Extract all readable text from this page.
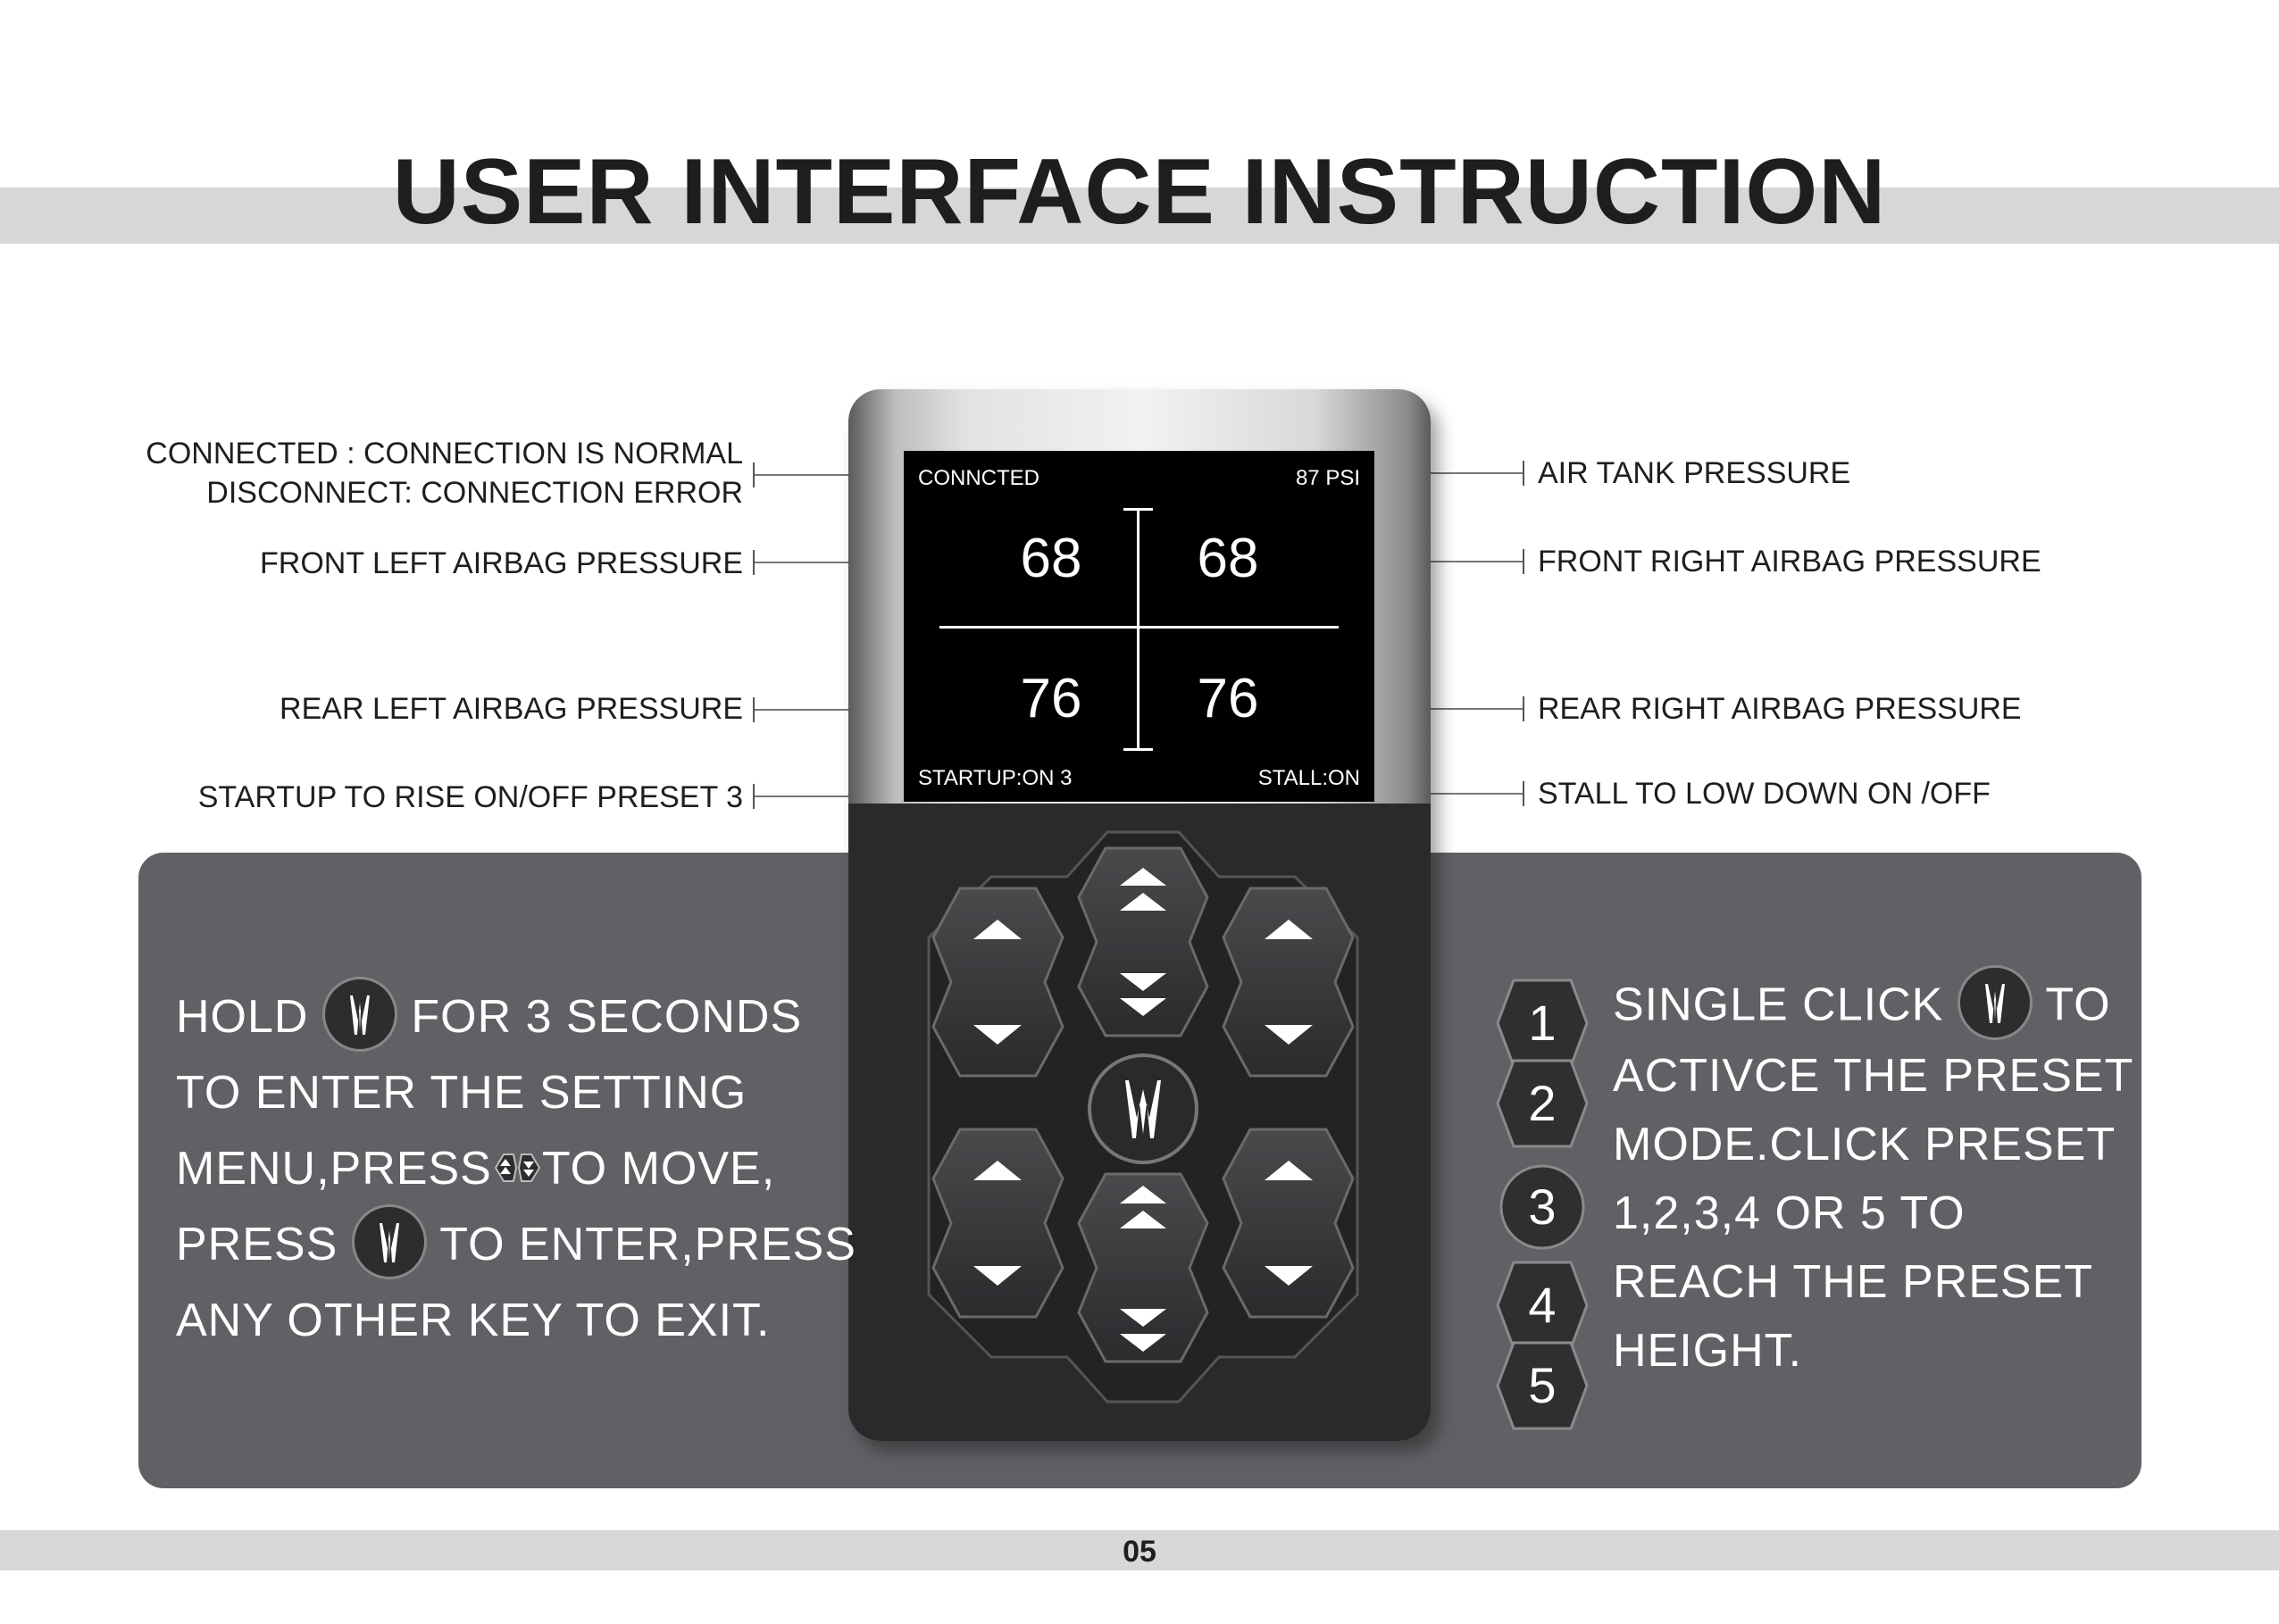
USER INTERFACE INSTRUCTION
CONNECTED : CONNECTION IS NORMAL
DISCONNECT: CONNECTION ERROR
FRONT LEFT AIRBAG PRESSURE
REAR LEFT AIRBAG PRESSURE
STARTUP TO RISE ON/OFF PRESET 3
AIR TANK PRESSURE
FRONT RIGHT AIRBAG PRESSURE
REAR RIGHT AIRBAG PRESSURE
STALL TO LOW DOWN ON /OFF
CONNCTED	87 PSI
68	68
76	76
STARTUP:ON 3	STALL:ON
HOLD FOR 3 SECONDS
TO ENTER THE SETTING
MENU,PRESS TO MOVE,
PRESS TO ENTER,PRESS
ANY OTHER KEY TO EXIT.
1
2
3
4
5
SINGLE CLICK TO
ACTIVCE THE PRESET
MODE.CLICK PRESET
1,2,3,4 OR 5 TO
REACH THE PRESET
HEIGHT.
05
